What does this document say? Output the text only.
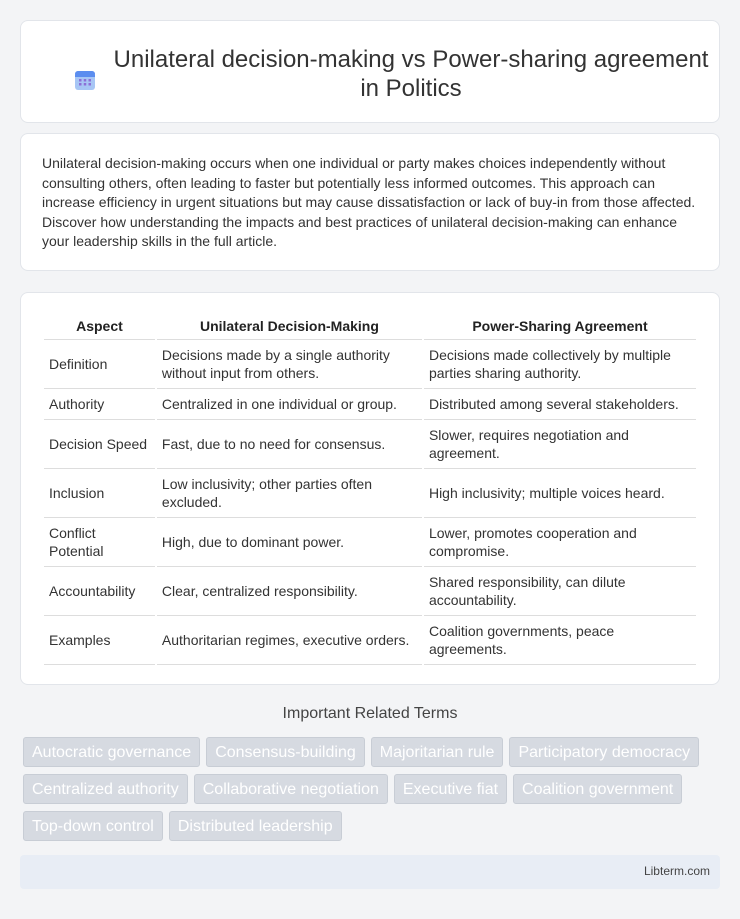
Unilateral decision-making vs Power-sharing agreement in Politics

Unilateral decision-making occurs when one individual or party makes choices independently without consulting others, often leading to faster but potentially less informed outcomes. This approach can increase efficiency in urgent situations but may cause dissatisfaction or lack of buy-in from those affected. Discover how understanding the impacts and best practices of unilateral decision-making can enhance your leadership skills in the full article.

Aspect	Unilateral Decision-Making	Power-Sharing Agreement
Definition	Decisions made by a single authority without input from others.	Decisions made collectively by multiple parties sharing authority.
Authority	Centralized in one individual or group.	Distributed among several stakeholders.
Decision Speed	Fast, due to no need for consensus.	Slower, requires negotiation and agreement.
Inclusion	Low inclusivity; other parties often excluded.	High inclusivity; multiple voices heard.
Conflict Potential	High, due to dominant power.	Lower, promotes cooperation and compromise.
Accountability	Clear, centralized responsibility.	Shared responsibility, can dilute accountability.
Examples	Authoritarian regimes, executive orders.	Coalition governments, peace agreements.
Important Related Terms
Autocratic governance	Consensus-building	Majoritarian rule	Participatory democracy
Centralized authority	Collaborative negotiation	Executive fiat	Coalition government
Top-down control	Distributed leadership
Libterm.com
